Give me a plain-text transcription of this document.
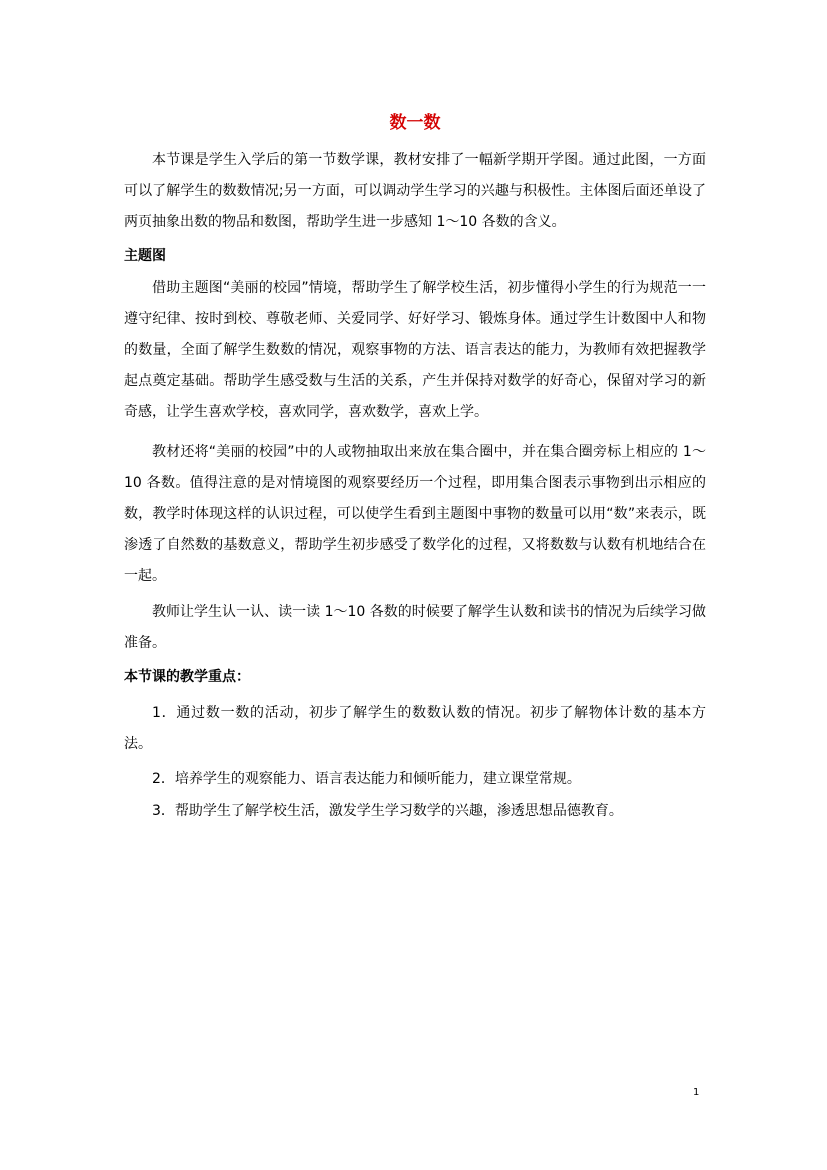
数一数

本节课是学生入学后的第一节数学课，教材安排了一幅新学期开学图。通过此图，一方面可以了解学生的数数情况;另一方面，可以调动学生学习的兴趣与积极性。主体图后面还单设了两页抽象出数的物品和数图，帮助学生进一步感知 1～10 各数的含义。

主题图

借助主题图“美丽的校园”情境，帮助学生了解学校生活，初步懂得小学生的行为规范一一遵守纪律、按时到校、尊敬老师、关爱同学、好好学习、锻炼身体。通过学生计数图中人和物的数量，全面了解学生数数的情况，观察事物的方法、语言表达的能力，为教师有效把握教学起点奠定基础。帮助学生感受数与生活的关系，产生并保持对数学的好奇心，保留对学习的新奇感，让学生喜欢学校，喜欢同学，喜欢数学，喜欢上学。

教材还将“美丽的校园”中的人或物抽取出来放在集合圈中，并在集合圈旁标上相应的 1～10 各数。值得注意的是对情境图的观察要经历一个过程，即用集合图表示事物到出示相应的数，教学时体现这样的认识过程，可以使学生看到主题图中事物的数量可以用“数”来表示，既渗透了自然数的基数意义，帮助学生初步感受了数学化的过程，又将数数与认数有机地结合在一起。

教师让学生认一认、读一读 1～10 各数的时候要了解学生认数和读书的情况为后续学习做准备。

本节课的教学重点：

1．通过数一数的活动，初步了解学生的数数认数的情况。初步了解物体计数的基本方法。

2．培养学生的观察能力、语言表达能力和倾听能力，建立课堂常规。

3．帮助学生了解学校生活，激发学生学习数学的兴趣，渗透思想品德教育。

1
